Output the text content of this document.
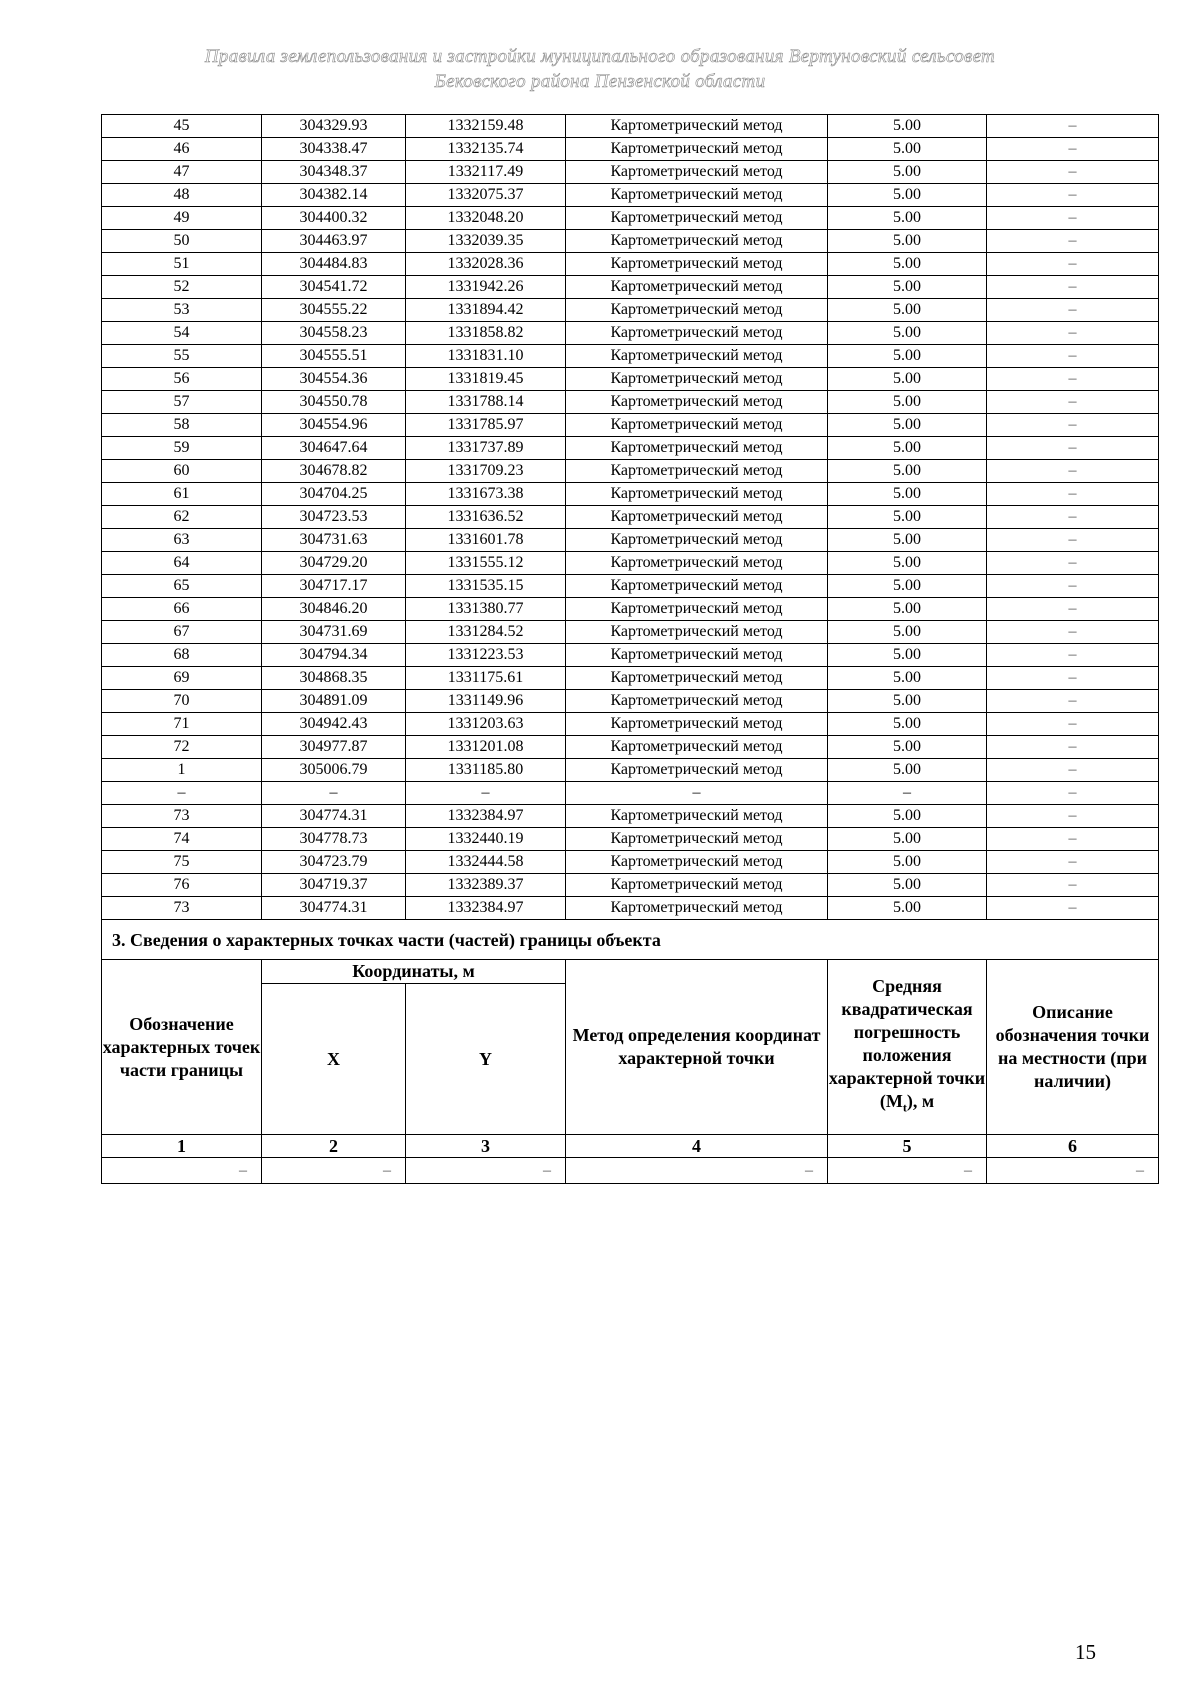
Правила землепользования и застройки муниципального образования Вертуновский сельсовет
Бековского района Пензенской области
45	304329.93	1332159.48	Картометрический метод	5.00	–
46	304338.47	1332135.74	Картометрический метод	5.00	–
47	304348.37	1332117.49	Картометрический метод	5.00	–
48	304382.14	1332075.37	Картометрический метод	5.00	–
49	304400.32	1332048.20	Картометрический метод	5.00	–
50	304463.97	1332039.35	Картометрический метод	5.00	–
51	304484.83	1332028.36	Картометрический метод	5.00	–
52	304541.72	1331942.26	Картометрический метод	5.00	–
53	304555.22	1331894.42	Картометрический метод	5.00	–
54	304558.23	1331858.82	Картометрический метод	5.00	–
55	304555.51	1331831.10	Картометрический метод	5.00	–
56	304554.36	1331819.45	Картометрический метод	5.00	–
57	304550.78	1331788.14	Картометрический метод	5.00	–
58	304554.96	1331785.97	Картометрический метод	5.00	–
59	304647.64	1331737.89	Картометрический метод	5.00	–
60	304678.82	1331709.23	Картометрический метод	5.00	–
61	304704.25	1331673.38	Картометрический метод	5.00	–
62	304723.53	1331636.52	Картометрический метод	5.00	–
63	304731.63	1331601.78	Картометрический метод	5.00	–
64	304729.20	1331555.12	Картометрический метод	5.00	–
65	304717.17	1331535.15	Картометрический метод	5.00	–
66	304846.20	1331380.77	Картометрический метод	5.00	–
67	304731.69	1331284.52	Картометрический метод	5.00	–
68	304794.34	1331223.53	Картометрический метод	5.00	–
69	304868.35	1331175.61	Картометрический метод	5.00	–
70	304891.09	1331149.96	Картометрический метод	5.00	–
71	304942.43	1331203.63	Картометрический метод	5.00	–
72	304977.87	1331201.08	Картометрический метод	5.00	–
1	305006.79	1331185.80	Картометрический метод	5.00	–
–	–	–	–	–	–
73	304774.31	1332384.97	Картометрический метод	5.00	–
74	304778.73	1332440.19	Картометрический метод	5.00	–
75	304723.79	1332444.58	Картометрический метод	5.00	–
76	304719.37	1332389.37	Картометрический метод	5.00	–
73	304774.31	1332384.97	Картометрический метод	5.00	–
3. Сведения о характерных точках части (частей) границы объекта					
Обозначение характерных точек части границы	Координаты, м		Метод определения координат характерной точки	Средняя квадратическая погрешность положения характерной точки $(M_t)$, м	Описание обозначения точки на местности (при наличии)
	X	Y			
1	2	3	4	5	6
–	–	–	–	–	–
15
